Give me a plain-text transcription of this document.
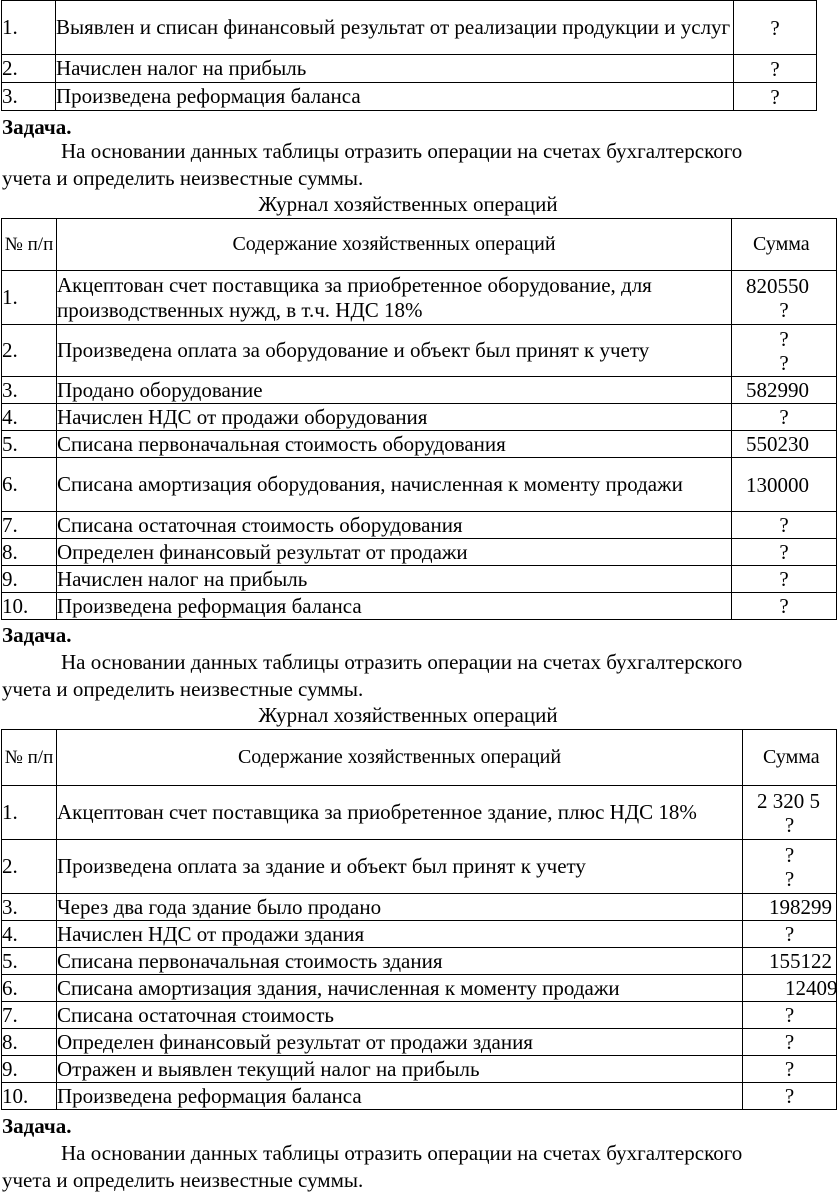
1.	Выявлен и списан финансовый результат от реализации продукции и услуг	?

2.	Начислен налог на прибыль	?

3.	Произведена реформация баланса	?
Задача.
На основании данных таблицы отразить операции на счетах бухгалтерского
учета и определить неизвестные суммы.
Журнал хозяйственных операций
№ п/п	Содержание хозяйственных операций	Сумма
1.	Акцептован счет поставщика за приобретенное оборудование, для производственных нужд, в т.ч. НДС 18%	820550
?

2.	Произведена оплата за оборудование и объект был принят к учету	?
?

3.	Продано оборудование	582990

4.	Начислен НДС от продажи оборудования	?

5.	Списана первоначальная стоимость оборудования	550230

6.	Списана амортизация оборудования, начисленная к моменту продажи	130000

7.	Списана остаточная стоимость оборудования	?

8.	Определен финансовый результат от продажи	?

9.	Начислен налог на прибыль	?

10.	Произведена реформация баланса	?
Задача.
На основании данных таблицы отразить операции на счетах бухгалтерского
учета и определить неизвестные суммы.
Журнал хозяйственных операций
№ п/п	Содержание хозяйственных операций	Сумма
1.	Акцептован счет поставщика за приобретенное здание, плюс НДС 18%	2 320 5
?

2.	Произведена оплата за здание и объект был принят к учету	?
?

3.	Через два года здание было продано	198299

4.	Начислен НДС от продажи здания	?

5.	Списана первоначальная стоимость здания	155122

6.	Списана амортизация здания, начисленная к моменту продажи	12409

7.	Списана остаточная стоимость	?

8.	Определен финансовый результат от продажи здания	?

9.	Отражен и выявлен текущий налог на прибыль	?

10.	Произведена реформация баланса	?
Задача.
На основании данных таблицы отразить операции на счетах бухгалтерского
учета и определить неизвестные суммы.
